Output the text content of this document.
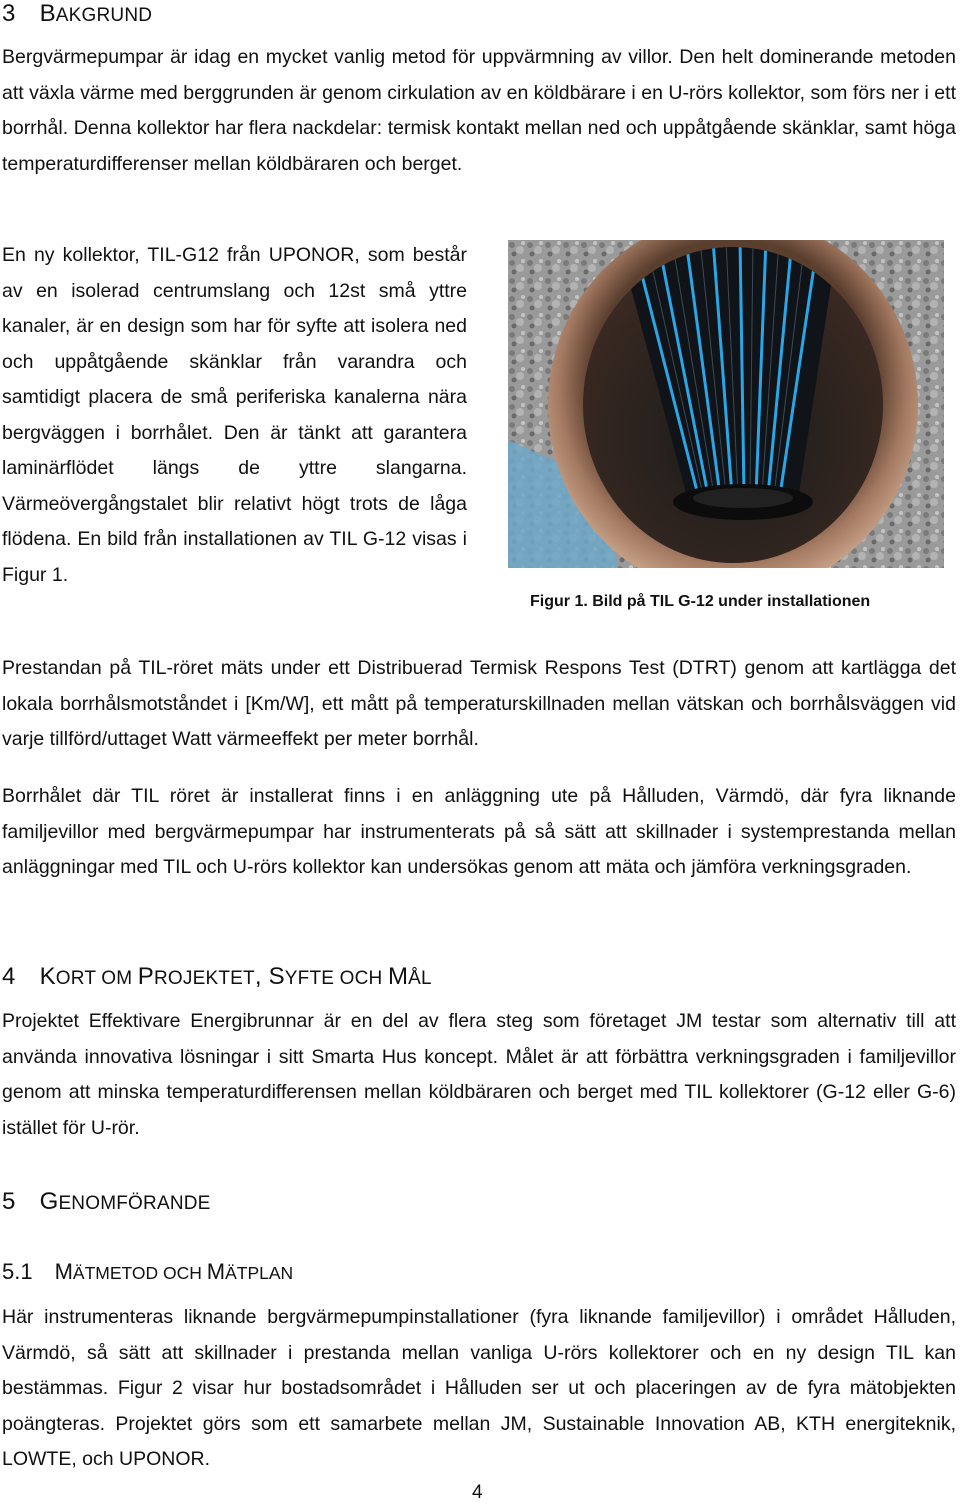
3 BAKGRUND

Bergvärmepumpar är idag en mycket vanlig metod för uppvärmning av villor. Den helt dominerande metoden att växla värme med berggrunden är genom cirkulation av en köldbärare i en U-rörs kollektor, som förs ner i ett borrhål. Denna kollektor har flera nackdelar: termisk kontakt mellan ned och uppåtgående skänklar, samt höga temperaturdifferenser mellan köldbäraren och berget.

En ny kollektor, TIL-G12 från UPONOR, som består av en isolerad centrumslang och 12st små yttre kanaler, är en design som har för syfte att isolera ned och uppåtgående skänklar från varandra och samtidigt placera de små periferiska kanalerna nära bergväggen i borrhålet. Den är tänkt att garantera laminärflödet längs de yttre slangarna. Värmeövergångstalet blir relativt högt trots de låga flödena. En bild från installationen av TIL G-12 visas i Figur 1.

Figur 1. Bild på TIL G-12 under installationen

Prestandan på TIL-röret mäts under ett Distribuerad Termisk Respons Test (DTRT) genom att kartlägga det lokala borrhålsmotståndet i [Km/W], ett mått på temperaturskillnaden mellan vätskan och borrhålsväggen vid varje tillförd/uttaget Watt värmeeffekt per meter borrhål.

Borrhålet där TIL röret är installerat finns i en anläggning ute på Hålluden, Värmdö, där fyra liknande familjevillor med bergvärmepumpar har instrumenterats på så sätt att skillnader i systemprestanda mellan anläggningar med TIL och U-rörs kollektor kan undersökas genom att mäta och jämföra verkningsgraden.

4 KORT OM PROJEKTET, SYFTE OCH MÅL

Projektet Effektivare Energibrunnar är en del av flera steg som företaget JM testar som alternativ till att använda innovativa lösningar i sitt Smarta Hus koncept. Målet är att förbättra verkningsgraden i familjevillor genom att minska temperaturdifferensen mellan köldbäraren och berget med TIL kollektorer (G-12 eller G-6) istället för U-rör.

5 GENOMFÖRANDE
5.1 MÄTMETOD OCH MÄTPLAN

Här instrumenteras liknande bergvärmepumpinstallationer (fyra liknande familjevillor) i området Hålluden, Värmdö, så sätt att skillnader i prestanda mellan vanliga U-rörs kollektorer och en ny design TIL kan bestämmas. Figur 2 visar hur bostadsområdet i Hålluden ser ut och placeringen av de fyra mätobjekten poängteras. Projektet görs som ett samarbete mellan JM, Sustainable Innovation AB, KTH energiteknik, LOWTE, och UPONOR.

4
